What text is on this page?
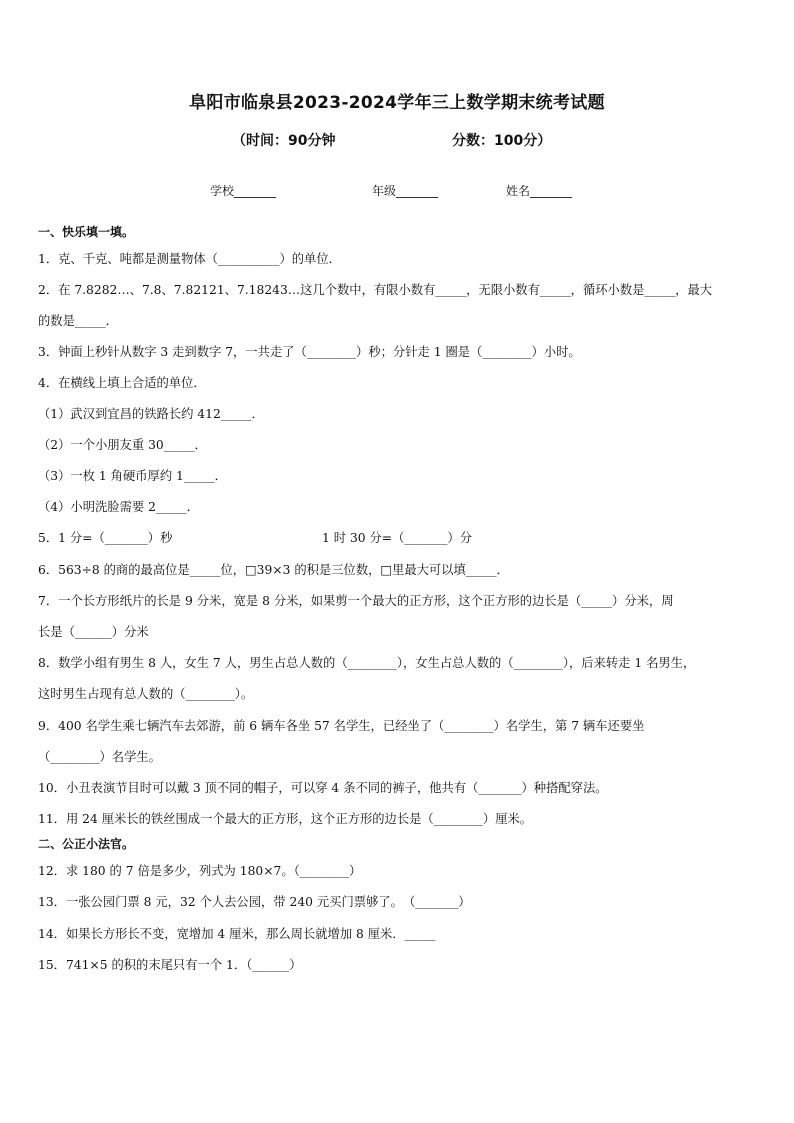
阜阳市临泉县2023-2024学年三上数学期末统考试题
（时间：90分钟	分数：100分）
学校_______	年级_______	姓名_______
一、快乐填一填。
1．克、千克、吨都是测量物体（__________）的单位．
2．在 7.8282…、7.8、7.82121、7.18243…这几个数中，有限小数有_____，无限小数有_____，循环小数是_____，最大
的数是_____．
3．钟面上秒针从数字 3 走到数字 7，一共走了（________）秒；分针走 1 圈是（________）小时。
4．在横线上填上合适的单位．
（1）武汉到宜昌的铁路长约 412_____．
（2）一个小朋友重 30_____．
（3）一枚 1 角硬币厚约 1_____．
（4）小明洗脸需要 2_____．
5．1 分=（_______）秒	1 时 30 分=（_______）分
6．563÷8 的商的最高位是_____位，□39×3 的积是三位数，□里最大可以填_____．
7．一个长方形纸片的长是 9 分米，宽是 8 分米，如果剪一个最大的正方形，这个正方形的边长是（_____）分米，周
长是（______）分米
8．数学小组有男生 8 人，女生 7 人，男生占总人数的（________），女生占总人数的（________），后来转走 1 名男生，
这时男生占现有总人数的（________）。
9．400 名学生乘七辆汽车去郊游，前 6 辆车各坐 57 名学生，已经坐了（________）名学生，第 7 辆车还要坐
（________）名学生。
10．小丑表演节目时可以戴 3 顶不同的帽子，可以穿 4 条不同的裤子，他共有（_______）种搭配穿法。
11．用 24 厘米长的铁丝围成一个最大的正方形，这个正方形的边长是（________）厘米。
二、公正小法官。
12．求 180 的 7 倍是多少，列式为 180×7。（________）
13．一张公园门票 8 元，32 个人去公园，带 240 元买门票够了。　（_______）
14．如果长方形长不变，宽增加 4 厘米，那么周长就增加 8 厘米．_____
15．741×5 的积的末尾只有一个 1．（______）
